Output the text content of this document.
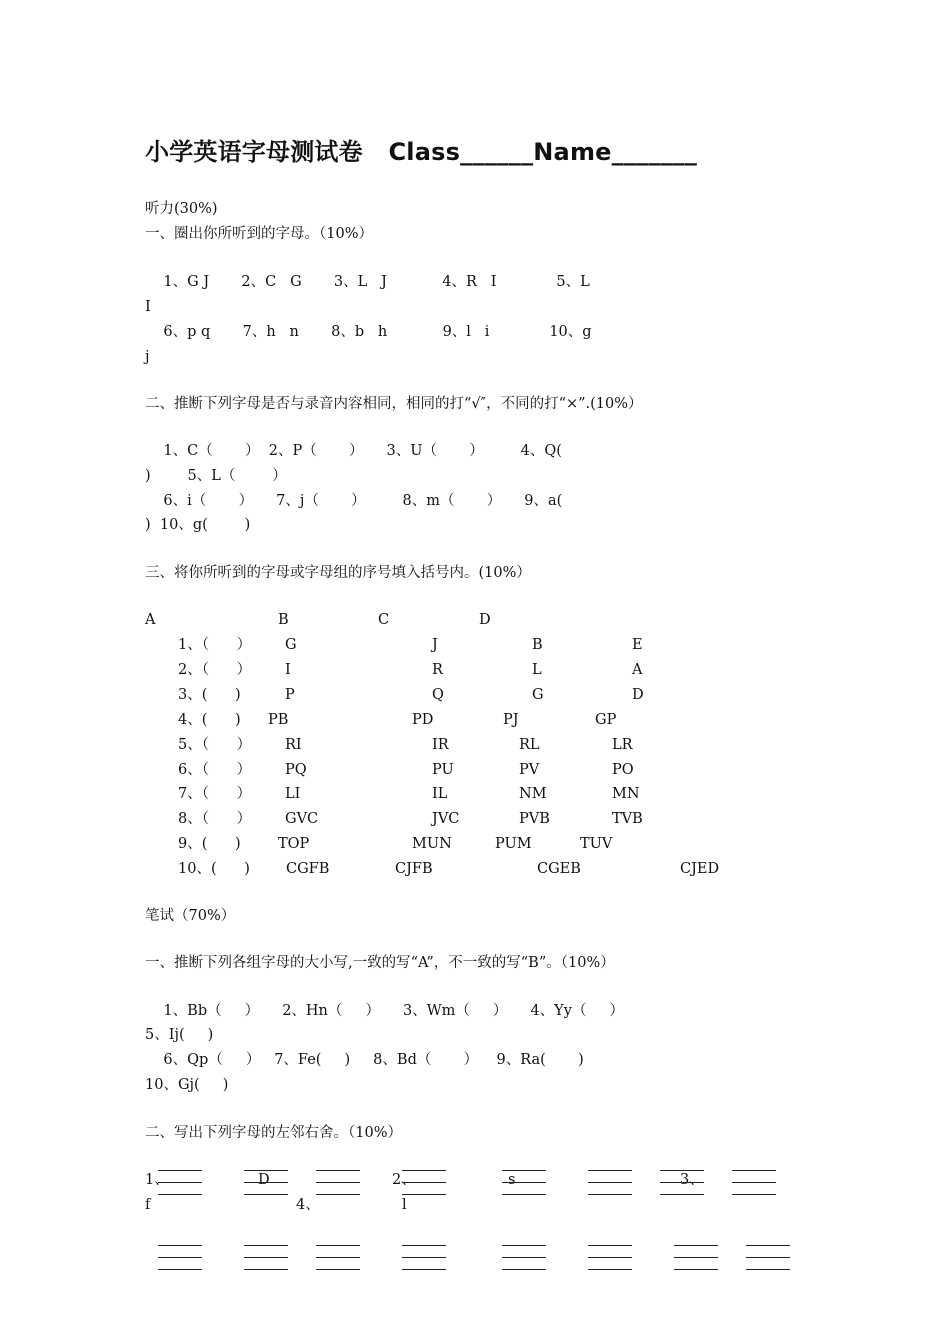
小学英语字母测试卷   Class______Name_______
听力(30%)
一、圈出你所听到的字母。（10%）
1、G J       2、C   G       3、L   J            4、R   I             5、L
I
6、p q       7、h   n       8、b   h            9、l   i             10、g
j
二、推断下列字母是否与录音内容相同，相同的打“√″，不同的打“×”.(10%）
1、C（       ）  2、P（       ）     3、U（       ）        4、Q(
)        5、L（        ）
6、i（       ）     7、j（       ）        8、m（       ）     9、a(
)  10、g(        )
三、将你所听到的字母或字母组的序号填入括号内。(10%）
A	B	C	D
1、（      ） G	J	B	E
2、（      ） I	R	L	A
3、(      )	P	Q	G	D
4、(      ) PB	PD	PJ	GP
5、（      ） RI	IR	RL	LR
6、（      ） PQ	PU	PV	PO
7、（      ） LI	IL	NM	MN
8、（      ） GVC	JVC	PVB	TVB
9、(      )	TOP	MUN	PUM	TUV
10、(      ) CGFB	CJFB	CGEB	CJED
笔试（70%）
一、推断下列各组字母的大小写,一致的写“A”，不一致的写“B”。（10%）
1、Bb（     ）     2、Hn（     ）     3、Wm（     ）     4、Yy（     ）
5、Ij(     )
6、Qp（     ）   7、Fe(     )     8、Bd（       ）    9、Ra(       )
10、Gj(     )
二、写出下列字母的左邻右舍。（10%）
1、	D	2、	s	3、
f	4、	l
